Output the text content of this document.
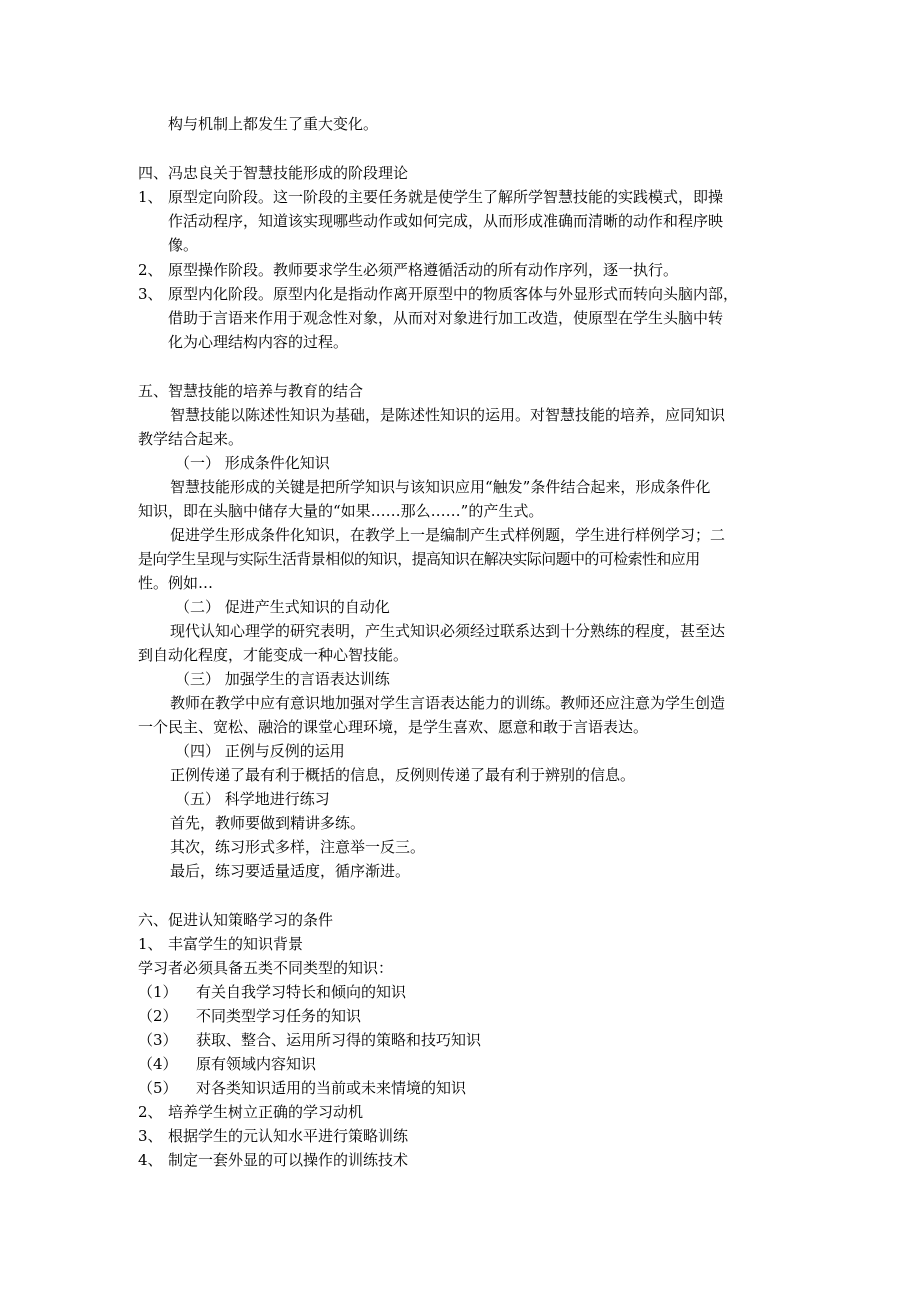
构与机制上都发生了重大变化。
四、冯忠良关于智慧技能形成的阶段理论
1、 原型定向阶段。这一阶段的主要任务就是使学生了解所学智慧技能的实践模式，即操
作活动程序，知道该实现哪些动作或如何完成，从而形成准确而清晰的动作和程序映
像。
2、 原型操作阶段。教师要求学生必须严格遵循活动的所有动作序列，逐一执行。
3、 原型内化阶段。原型内化是指动作离开原型中的物质客体与外显形式而转向头脑内部，
借助于言语来作用于观念性对象，从而对对象进行加工改造，使原型在学生头脑中转
化为心理结构内容的过程。
五、智慧技能的培养与教育的结合
智慧技能以陈述性知识为基础，是陈述性知识的运用。对智慧技能的培养，应同知识
教学结合起来。
（一） 形成条件化知识
智慧技能形成的关键是把所学知识与该知识应用“触发”条件结合起来，形成条件化
知识，即在头脑中储存大量的“如果……那么……”的产生式。
促进学生形成条件化知识，在教学上一是编制产生式样例题，学生进行样例学习；二
是向学生呈现与实际生活背景相似的知识，提高知识在解决实际问题中的可检索性和应用
性。例如…
（二） 促进产生式知识的自动化
现代认知心理学的研究表明，产生式知识必须经过联系达到十分熟练的程度，甚至达
到自动化程度，才能变成一种心智技能。
（三） 加强学生的言语表达训练
教师在教学中应有意识地加强对学生言语表达能力的训练。教师还应注意为学生创造
一个民主、宽松、融洽的课堂心理环境，是学生喜欢、愿意和敢于言语表达。
（四） 正例与反例的运用
正例传递了最有利于概括的信息，反例则传递了最有利于辨别的信息。
（五） 科学地进行练习
首先，教师要做到精讲多练。
其次，练习形式多样，注意举一反三。
最后，练习要适量适度，循序渐进。
六、促进认知策略学习的条件
1、 丰富学生的知识背景
学习者必须具备五类不同类型的知识：
（1） 有关自我学习特长和倾向的知识
（2） 不同类型学习任务的知识
（3） 获取、整合、运用所习得的策略和技巧知识
（4） 原有领域内容知识
（5） 对各类知识适用的当前或未来情境的知识
2、 培养学生树立正确的学习动机
3、 根据学生的元认知水平进行策略训练
4、 制定一套外显的可以操作的训练技术
